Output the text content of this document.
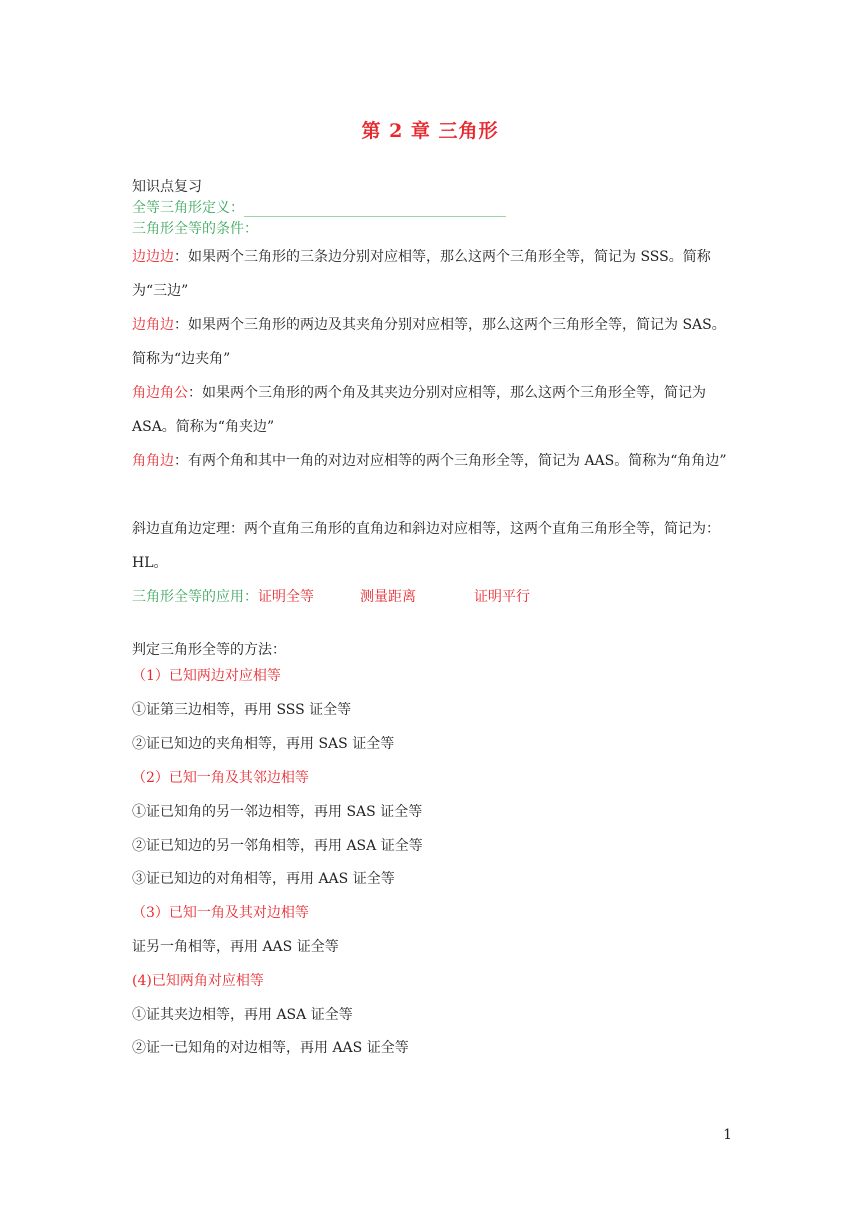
第 2 章 三角形
知识点复习
全等三角形定义：
三角形全等的条件：
边边边：如果两个三角形的三条边分别对应相等，那么这两个三角形全等，简记为 SSS。简称为“三边”
边角边：如果两个三角形的两边及其夹角分别对应相等，那么这两个三角形全等，简记为 SAS。简称为“边夹角”
角边角公：如果两个三角形的两个角及其夹边分别对应相等，那么这两个三角形全等，简记为 ASA。简称为“角夹边”
角角边：有两个角和其中一角的对边对应相等的两个三角形全等，简记为 AAS。简称为“角角边”
斜边直角边定理：两个直角三角形的直角边和斜边对应相等，这两个直角三角形全等，简记为：HL。
三角形全等的应用：证明全等	测量距离	证明平行
判定三角形全等的方法：
（1）已知两边对应相等
①证第三边相等，再用 SSS 证全等
②证已知边的夹角相等，再用 SAS 证全等
（2）已知一角及其邻边相等
①证已知角的另一邻边相等，再用 SAS 证全等
②证已知边的另一邻角相等，再用 ASA 证全等
③证已知边的对角相等，再用 AAS 证全等
（3）已知一角及其对边相等
证另一角相等，再用 AAS 证全等
(4)已知两角对应相等
①证其夹边相等，再用 ASA 证全等
②证一已知角的对边相等，再用 AAS 证全等
1
